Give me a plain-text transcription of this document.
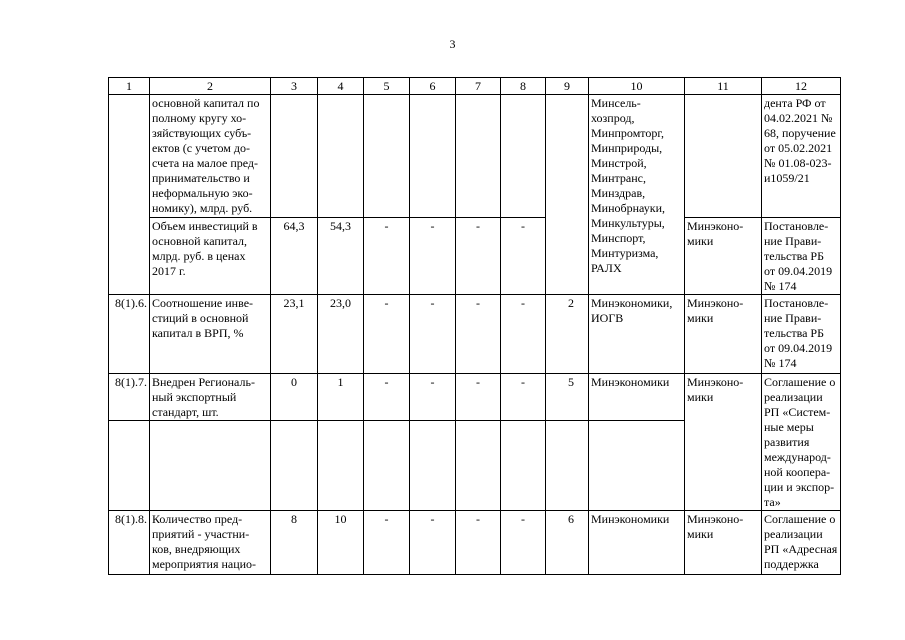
3
1	2	3	4	5	6	7	8	9	10	11	12
	основной капитал по полному кругу хо-зяйствующих субъ-ектов (с учетом до-счета на малое пред-принимательство и неформальную эко-номику), млрд. руб.								Минсель-хозпрод, Минпромторг, Минприроды, Минстрой, Минтранс, Минздрав, Минобрнауки, Минкультуры, Минспорт, Минтуризма, РАЛХ		дента РФ от 04.02.2021 № 68, поручение от 05.02.2021 № 01.08-023-и1059/21
	Объем инвестиций в основной капитал, млрд. руб. в ценах 2017 г.	64,3	54,3	-	-	-	-			Минэконо-мики	Постановле-ние Прави-тельства РБ от 09.04.2019 № 174
8(1).6.	Соотношение инве-стиций в основной капитал в ВРП, %	23,1	23,0	-	-	-	-	2	Минэкономики, ИОГВ	Минэконо-мики	Постановле-ние Прави-тельства РБ от 09.04.2019 № 174
8(1).7.	Внедрен Региональ-ный экспортный стандарт, шт.	0	1	-	-	-	-	5	Минэкономики	Минэконо-мики	Соглашение о реализации РП «Систем-ные меры развития международ-ной коопера-ции и экспор-та»

8(1).8.	Количество пред-приятий - участни-ков, внедряющих мероприятия нацио-	8	10	-	-	-	-	6	Минэкономики	Минэконо-мики	Соглашение о реализации РП «Адресная поддержка
